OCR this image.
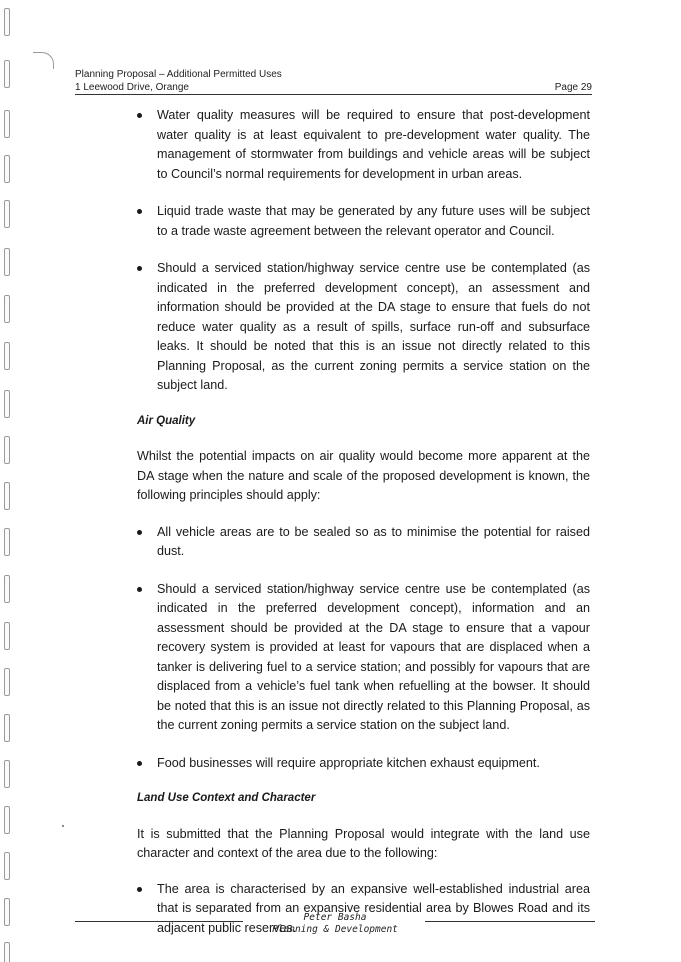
Planning Proposal – Additional Permitted Uses
1 Leewood Drive, Orange	Page 29
Water quality measures will be required to ensure that post-development water quality is at least equivalent to pre-development water quality. The management of stormwater from buildings and vehicle areas will be subject to Council’s normal requirements for development in urban areas.
Liquid trade waste that may be generated by any future uses will be subject to a trade waste agreement between the relevant operator and Council.
Should a serviced station/highway service centre use be contemplated (as indicated in the preferred development concept), an assessment and information should be provided at the DA stage to ensure that fuels do not reduce water quality as a result of spills, surface run-off and subsurface leaks. It should be noted that this is an issue not directly related to this Planning Proposal, as the current zoning permits a service station on the subject land.
Air Quality
Whilst the potential impacts on air quality would become more apparent at the DA stage when the nature and scale of the proposed development is known, the following principles should apply:
All vehicle areas are to be sealed so as to minimise the potential for raised dust.
Should a serviced station/highway service centre use be contemplated (as indicated in the preferred development concept), information and an assessment should be provided at the DA stage to ensure that a vapour recovery system is provided at least for vapours that are displaced when a tanker is delivering fuel to a service station; and possibly for vapours that are displaced from a vehicle’s fuel tank when refuelling at the bowser. It should be noted that this is an issue not directly related to this Planning Proposal, as the current zoning permits a service station on the subject land.
Food businesses will require appropriate kitchen exhaust equipment.
Land Use Context and Character
It is submitted that the Planning Proposal would integrate with the land use character and context of the area due to the following:
The area is characterised by an expansive well-established industrial area that is separated from an expansive residential area by Blowes Road and its adjacent public reserves.
Peter Basha
Planning & Development
